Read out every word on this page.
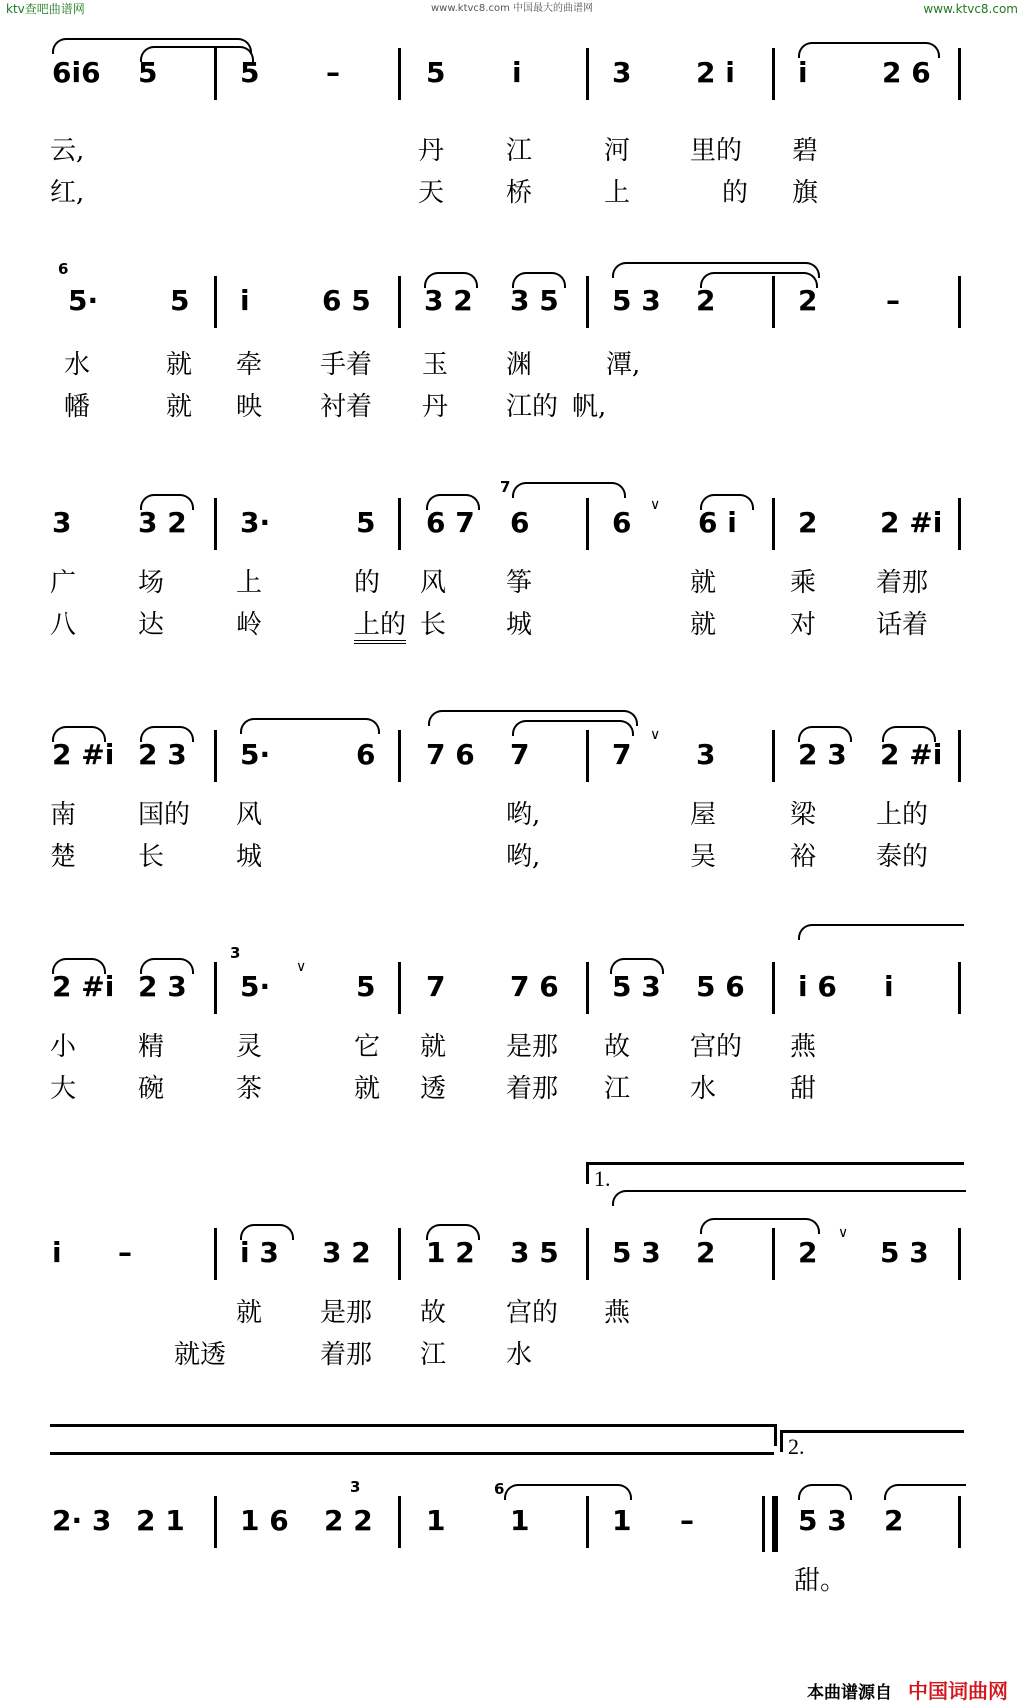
ktv查吧曲谱网	www.ktvc8.com 中国最大的曲谱网	www.ktvc8.com
6i6 5	5 –	5 i	3 2 i i	2 6
云,	丹 江	河 里的 碧
红,	天 桥	上	的 旗
6
5·	5 i	6 5 3 2 3 5 5 3 2	2 –
水	就 牵 手着 玉 渊	潭,
幡	就 映 衬着 丹 江的 帆,
7
∨
3 3 2 3·	5 6 7 6	6 6 i 2 2 #i
广 场	上	的 风 筝	就	乘 着那
八 达	岭	上的 长 城	就	对 话着
∨
2 #i 2 3 5·	6 7 6 7	7 3	2 3 2 #i
南 国的 风	哟,	屋	梁 上的
楚 长	城	哟,	吴	裕 泰的
3
∨
2 #i 2 3 5·	5 7 7 6 5 3 5 6 i 6 i
小 精	灵	它 就 是那 故 宫的 燕
大 碗	茶	就 透 着那 江 水	甜
1.
∨
i –	i 3 3 2 1 2 3 5 5 3 2	2 5 3
就 是那 故 宫的 燕
就透	着那 江 水
2.
3	6
2· 3 2 1 1 6 2 2 1 1	1 –	5 3 2
甜。
本曲谱源自 中国词曲网
